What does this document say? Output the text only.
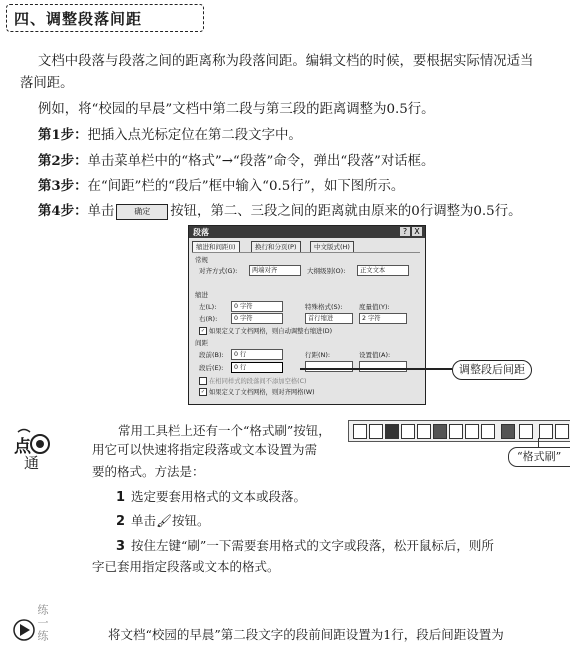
四、调整段落间距
文档中段落与段落之间的距离称为段落间距。编辑文档的时候，要根据实际情况适当
落间距。
例如，将“校园的早晨”文档中第二段与第三段的距离调整为0.5行。
第1步：把插入点光标定位在第二段文字中。
第2步：单击菜单栏中的“格式”→“段落”命令，弹出“段落”对话框。
第3步：在“间距”栏的“段后”框中输入“0.5行”，如下图所示。
第4步：单击	确定 按钮，第二、三段之间的距离就由原来的0行调整为0.5行。
段落	? X
缩进和间距(I)	换行和分页(P)	中文版式(H)
常规
对齐方式(G):	两端对齐	大纲级别(O):	正文文本
缩进
左(L):	0 字符
右(R):	0 字符
特殊格式(S):
首行缩进
度量值(Y):
2 字符
✓ 如果定义了文档网格，则自动调整右缩进(D)
间距
段前(B):	0 行
段后(E):	0 行
行距(N):	设置值(A):
在相同样式的段落间不添加空格(C)
✓ 如果定义了文档网格，则对齐网格(W)
调整段后间距
点
通
常用工具栏上还有一个“格式刷”按钮，
用它可以快速将指定段落或文本设置为需
要的格式。方法是：
“格式刷”
1 选定要套用格式的文本或段落。
2 单击🖌按钮。
3 按住左键“刷”一下需要套用格式的文字或段落，松开鼠标后，则所
字已套用指定段落或文本的格式。
练一练	将文档“校园的早晨”第二段文字的段前间距设置为1行，段后间距设置为
